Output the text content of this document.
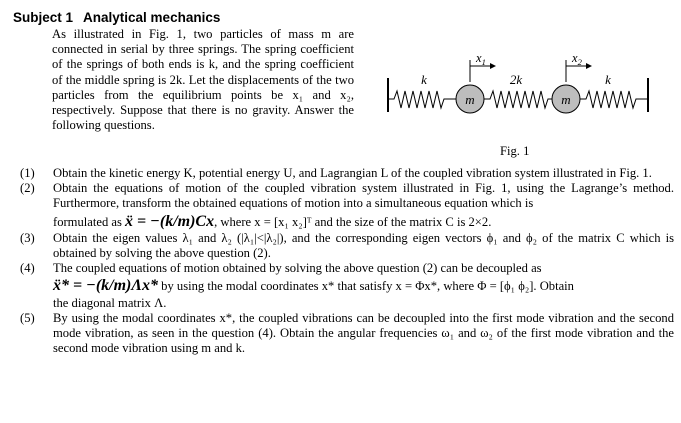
Subject 1 Analytical mechanics
As illustrated in Fig. 1, two particles of mass m are connected in serial by three springs. The spring coefficient of the springs of both ends is k, and the spring coefficient of the middle spring is 2k. Let the displacements of the two particles from the equilibrium points be x₁ and x₂, respectively. Suppose that there is no gravity. Answer the following questions.
m	m
k	2k	k
$x_1$	$x_2$
Fig. 1
(1) Obtain the kinetic energy K, potential energy U, and Lagrangian L of the coupled vibration system illustrated in Fig. 1.
(2) Obtain the equations of motion of the coupled vibration system illustrated in Fig. 1, using the Lagrange’s method. Furthermore, transform the obtained equations of motion into a simultaneous equation which is
formulated as ẍ = −(k/m)Cx, where x = [x₁ x₂]ᵀ and the size of the matrix C is 2×2.
(3) Obtain the eigen values λ₁ and λ₂ (|λ₁|<|λ₂|), and the corresponding eigen vectors ϕ₁ and ϕ₂ of the matrix C which is obtained by solving the above question (2).
(4) The coupled equations of motion obtained by solving the above question (2) can be decoupled as
ẍ* = −(k/m)Λx* by using the modal coordinates x* that satisfy x = Φx*, where Φ = [ϕ₁ ϕ₂]. Obtain
the diagonal matrix Λ.
(5) By using the modal coordinates x*, the coupled vibrations can be decoupled into the first mode vibration and the second mode vibration, as seen in the question (4). Obtain the angular frequencies ω₁ and ω₂ of the first mode vibration and the second mode vibration using m and k.
